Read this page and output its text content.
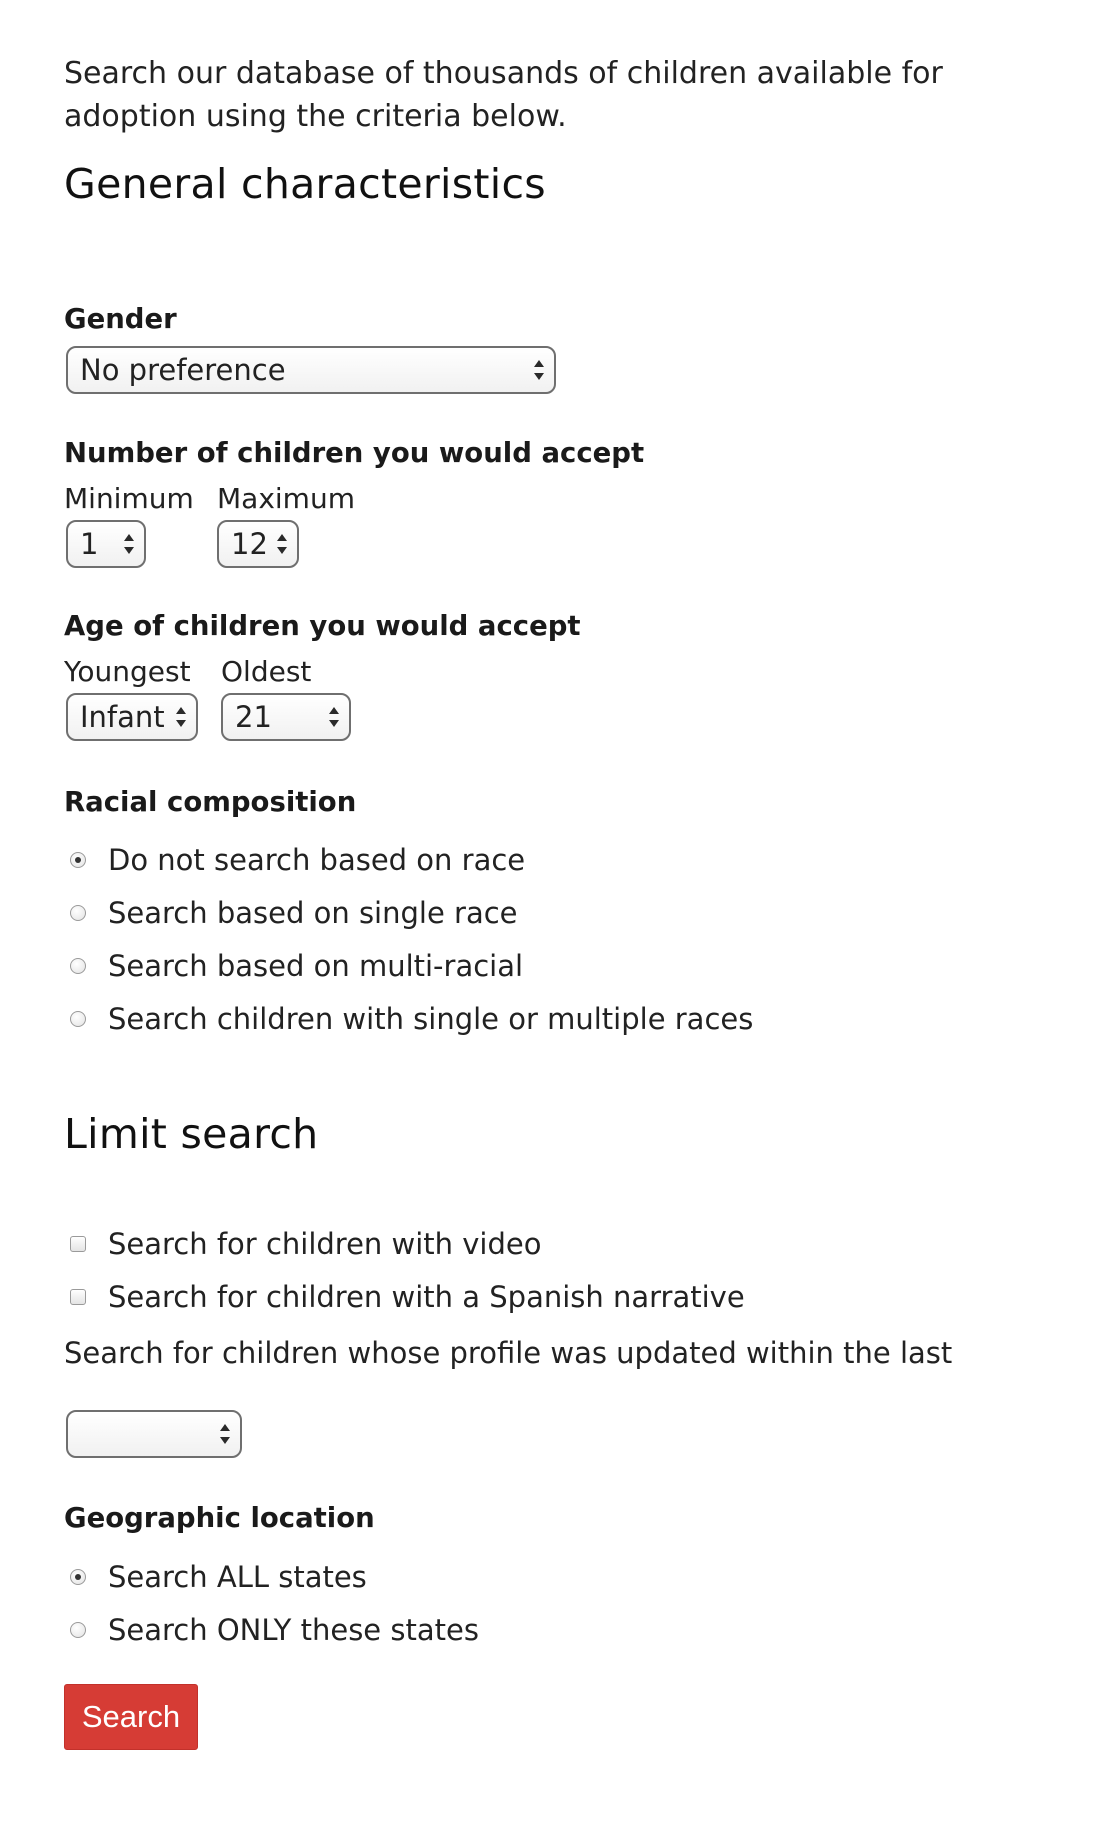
Search our database of thousands of children available for adoption using the criteria below.
General characteristics
Gender
No preference
Number of children you would accept
Minimum Maximum
1	12
Age of children you would accept
Youngest Oldest
Infant	21
Racial composition
Do not search based on race
Search based on single race
Search based on multi-racial
Search children with single or multiple races
Limit search
Search for children with video
Search for children with a Spanish narrative
Search for children whose profile was updated within the last
Geographic location
Search ALL states
Search ONLY these states
Search
